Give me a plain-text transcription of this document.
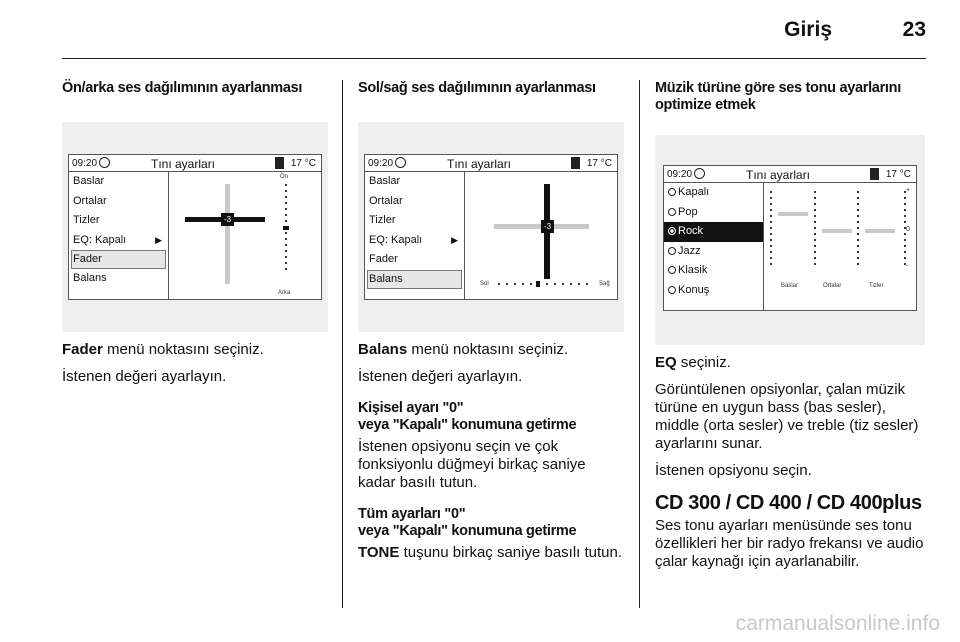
Giriş	23
Ön/arka ses dağılımının ayarlanması
09:20	Tını ayarları	17 °C
Baslar
Ortalar
Tizler
EQ: Kapalı	▶
Fader
Balans
-3
Ön
Arka
Fader menü noktasını seçiniz.
İstenen değeri ayarlayın.
Sol/sağ ses dağılımının ayarlanması
09:20	Tını ayarları	17 °C
Baslar
Ortalar
Tizler
EQ: Kapalı	▶
Fader
Balans
-3
Sol	Sağ
Balans menü noktasını seçiniz.
İstenen değeri ayarlayın.
Kişisel ayarı "0"
veya "Kapalı" konumuna getirme
İstenen opsiyonu seçin ve çok fonksiyonlu düğmeyi birkaç saniye kadar basılı tutun.
Tüm ayarları "0"
veya "Kapalı" konumuna getirme
TONE tuşunu birkaç saniye basılı tutun.
Müzik türüne göre ses tonu ayarlarını optimize etmek
09:20	Tını ayarları	17 °C
Kapalı
Pop
Rock
Jazz
Klasik
Konuş
+
0
-
Baslar	Ortalar	Tizler
EQ seçiniz.
Görüntülenen opsiyonlar, çalan müzik türüne en uygun bass (bas sesler), middle (orta sesler) ve treble (tiz sesler) ayarlarını sunar.
İstenen opsiyonu seçin.
CD 300 / CD 400 / CD 400plus
Ses tonu ayarları menüsünde ses tonu özellikleri her bir radyo frekansı ve audio çalar kaynağı için ayarlanabilir.
carmanualsonline.info
